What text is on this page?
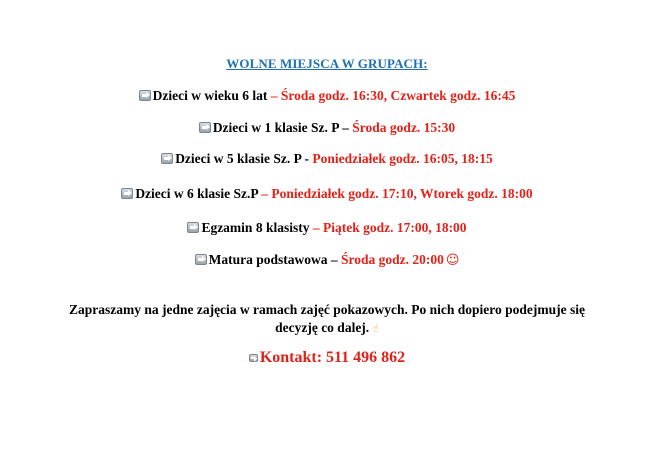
WOLNE MIEJSCA W GRUPACH:
Dzieci w wieku 6 lat – Środa godz. 16:30, Czwartek godz. 16:45
Dzieci w 1 klasie Sz. P – Środa godz. 15:30
Dzieci w 5 klasie Sz. P - Poniedziałek godz. 16:05, 18:15
Dzieci w 6 klasie Sz.P – Poniedziałek godz. 17:10, Wtorek godz. 18:00
Egzamin 8 klasisty – Piątek godz. 17:00, 18:00
Matura podstawowa – Środa godz. 20:00 ☺
Zapraszamy na jedne zajęcia w ramach zajęć pokazowych. Po nich dopiero podejmuje się
decyzję co dalej. ☝
Kontakt: 511 496 862
